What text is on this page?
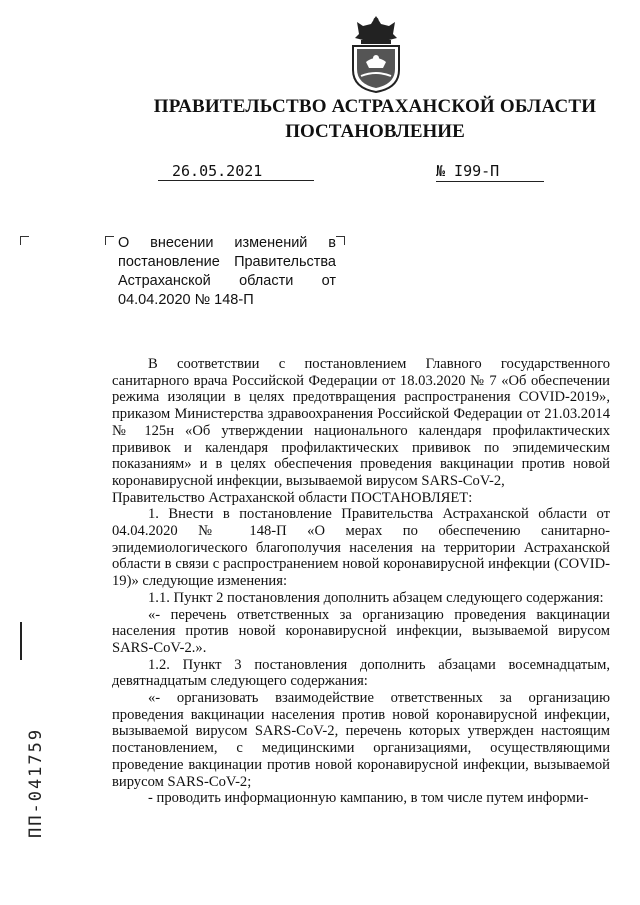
ПРАВИТЕЛЬСТВО АСТРАХАНСКОЙ ОБЛАСТИ
ПОСТАНОВЛЕНИЕ
26.05.2021	№ I99-П
О внесении изменений в постановление Правительства Астраханской области от 04.04.2020 № 148-П

В соответствии с постановлением Главного государственного санитарного врача Российской Федерации от 18.03.2020 № 7 «Об обеспечении режима изоляции в целях предотвращения распространения COVID-2019», приказом Министерства здравоохранения Российской Федерации от 21.03.2014 № 125н «Об утверждении национального календаря профилактических прививок и календаря профилактических прививок по эпидемическим показаниям» и в целях обеспечения проведения вакцинации против новой коронавирусной инфекции, вызываемой вирусом SARS-CoV-2,

Правительство Астраханской области ПОСТАНОВЛЯЕТ:

1. Внести в постановление Правительства Астраханской области от 04.04.2020 № 148-П «О мерах по обеспечению санитарно-эпидемиологического благополучия населения на территории Астраханской области в связи с распространением новой коронавирусной инфекции (COVID-19)» следующие изменения:

1.1. Пункт 2 постановления дополнить абзацем следующего содержания:

«- перечень ответственных за организацию проведения вакцинации населения против новой коронавирусной инфекции, вызываемой вирусом SARS-CoV-2.».

1.2. Пункт 3 постановления дополнить абзацами восемнадцатым, девятнадцатым следующего содержания:

«- организовать взаимодействие ответственных за организацию проведения вакцинации населения против новой коронавирусной инфекции, вызываемой вирусом SARS-CoV-2, перечень которых утвержден настоящим постановлением, с медицинскими организациями, осуществляющими проведение вакцинации против новой коронавирусной инфекции, вызываемой вирусом SARS-CoV-2;

- проводить информационную кампанию, в том числе путем информи-

ПП-041759
